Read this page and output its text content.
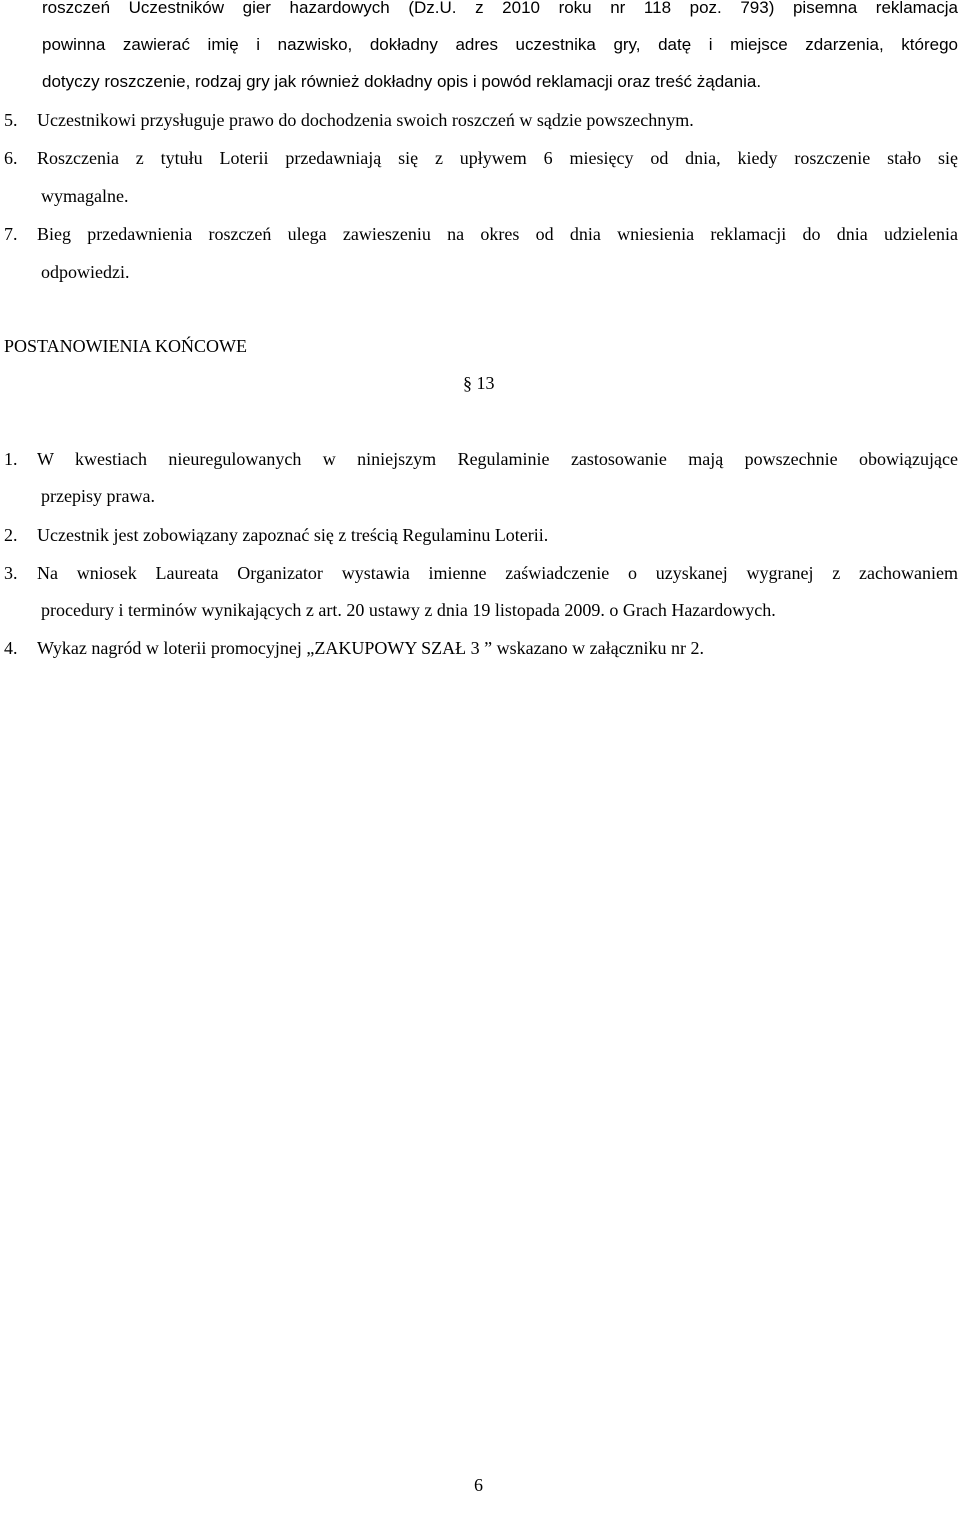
roszczeń Uczestników gier hazardowych (Dz.U. z 2010 roku nr 118 poz. 793) pisemna reklamacja
powinna zawierać imię i nazwisko, dokładny adres uczestnika gry, datę i miejsce zdarzenia, którego
dotyczy roszczenie, rodzaj gry jak również dokładny opis i powód reklamacji oraz treść żądania.
5. Uczestnikowi przysługuje prawo do dochodzenia swoich roszczeń w sądzie powszechnym.
6. Roszczenia z tytułu Loterii przedawniają się z upływem 6 miesięcy od dnia, kiedy roszczenie stało się
wymagalne.
7. Bieg przedawnienia roszczeń ulega zawieszeniu na okres od dnia wniesienia reklamacji do dnia udzielenia
odpowiedzi.
POSTANOWIENIA KOŃCOWE
§ 13
1. W kwestiach nieuregulowanych w niniejszym Regulaminie zastosowanie mają powszechnie obowiązujące
przepisy prawa.
2. Uczestnik jest zobowiązany zapoznać się z treścią Regulaminu Loterii.
3. Na wniosek Laureata Organizator wystawia imienne zaświadczenie o uzyskanej wygranej z zachowaniem
procedury i terminów wynikających z art. 20 ustawy z dnia 19 listopada 2009. o Grach Hazardowych.
4. Wykaz nagród w loterii promocyjnej „ZAKUPOWY SZAŁ 3 ” wskazano w załączniku nr 2.
6
